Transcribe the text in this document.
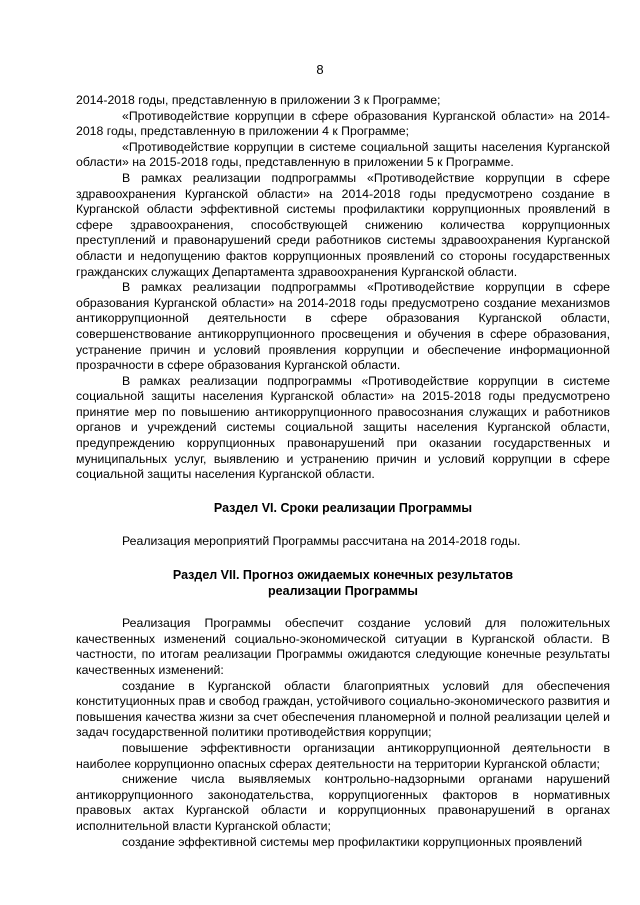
8

2014-2018 годы, представленную в приложении 3 к Программе;

«Противодействие коррупции в сфере образования Курганской области» на 2014-2018 годы, представленную в приложении 4 к Программе;

«Противодействие коррупции в системе социальной защиты населения Курганской области» на 2015-2018 годы, представленную в приложении 5 к Программе.

В рамках реализации подпрограммы «Противодействие коррупции в сфере здравоохранения Курганской области» на 2014-2018 годы предусмотрено создание в Курганской области эффективной системы профилактики коррупционных проявлений в сфере здравоохранения, способствующей снижению количества коррупционных преступлений и правонарушений среди работников системы здравоохранения Курганской области и недопущению фактов коррупционных проявлений со стороны государственных гражданских служащих Департамента здравоохранения Курганской области.

В рамках реализации подпрограммы «Противодействие коррупции в сфере образования Курганской области» на 2014-2018 годы предусмотрено создание механизмов антикоррупционной деятельности в сфере образования Курганской области, совершенствование антикоррупционного просвещения и обучения в сфере образования, устранение причин и условий проявления коррупции и обеспечение информационной прозрачности в сфере образования Курганской области.

В рамках реализации подпрограммы «Противодействие коррупции в системе социальной защиты населения Курганской области» на 2015-2018 годы предусмотрено принятие мер по повышению антикоррупционного правосознания служащих и работников органов и учреждений системы социальной защиты населения Курганской области, предупреждению коррупционных правонарушений при оказании государственных и муниципальных услуг, выявлению и устранению причин и условий коррупции в сфере социальной защиты населения Курганской области.

Раздел VI. Сроки реализации Программы

Реализация мероприятий Программы рассчитана на 2014-2018 годы.

Раздел VII. Прогноз ожидаемых конечных результатов
реализации Программы

Реализация Программы обеспечит создание условий для положительных качественных изменений социально-экономической ситуации в Курганской области. В частности, по итогам реализации Программы ожидаются следующие конечные результаты качественных изменений:

создание в Курганской области благоприятных условий для обеспечения конституционных прав и свобод граждан, устойчивого социально-экономического развития и повышения качества жизни за счет обеспечения планомерной и полной реализации целей и задач государственной политики противодействия коррупции;

повышение эффективности организации антикоррупционной деятельности в наиболее коррупционно опасных сферах деятельности на территории Курганской области;

снижение числа выявляемых контрольно-надзорными органами нарушений антикоррупционного законодательства, коррупциогенных факторов в нормативных правовых актах Курганской области и коррупционных правонарушений в органах исполнительной власти Курганской области;

создание эффективной системы мер профилактики коррупционных проявлений
